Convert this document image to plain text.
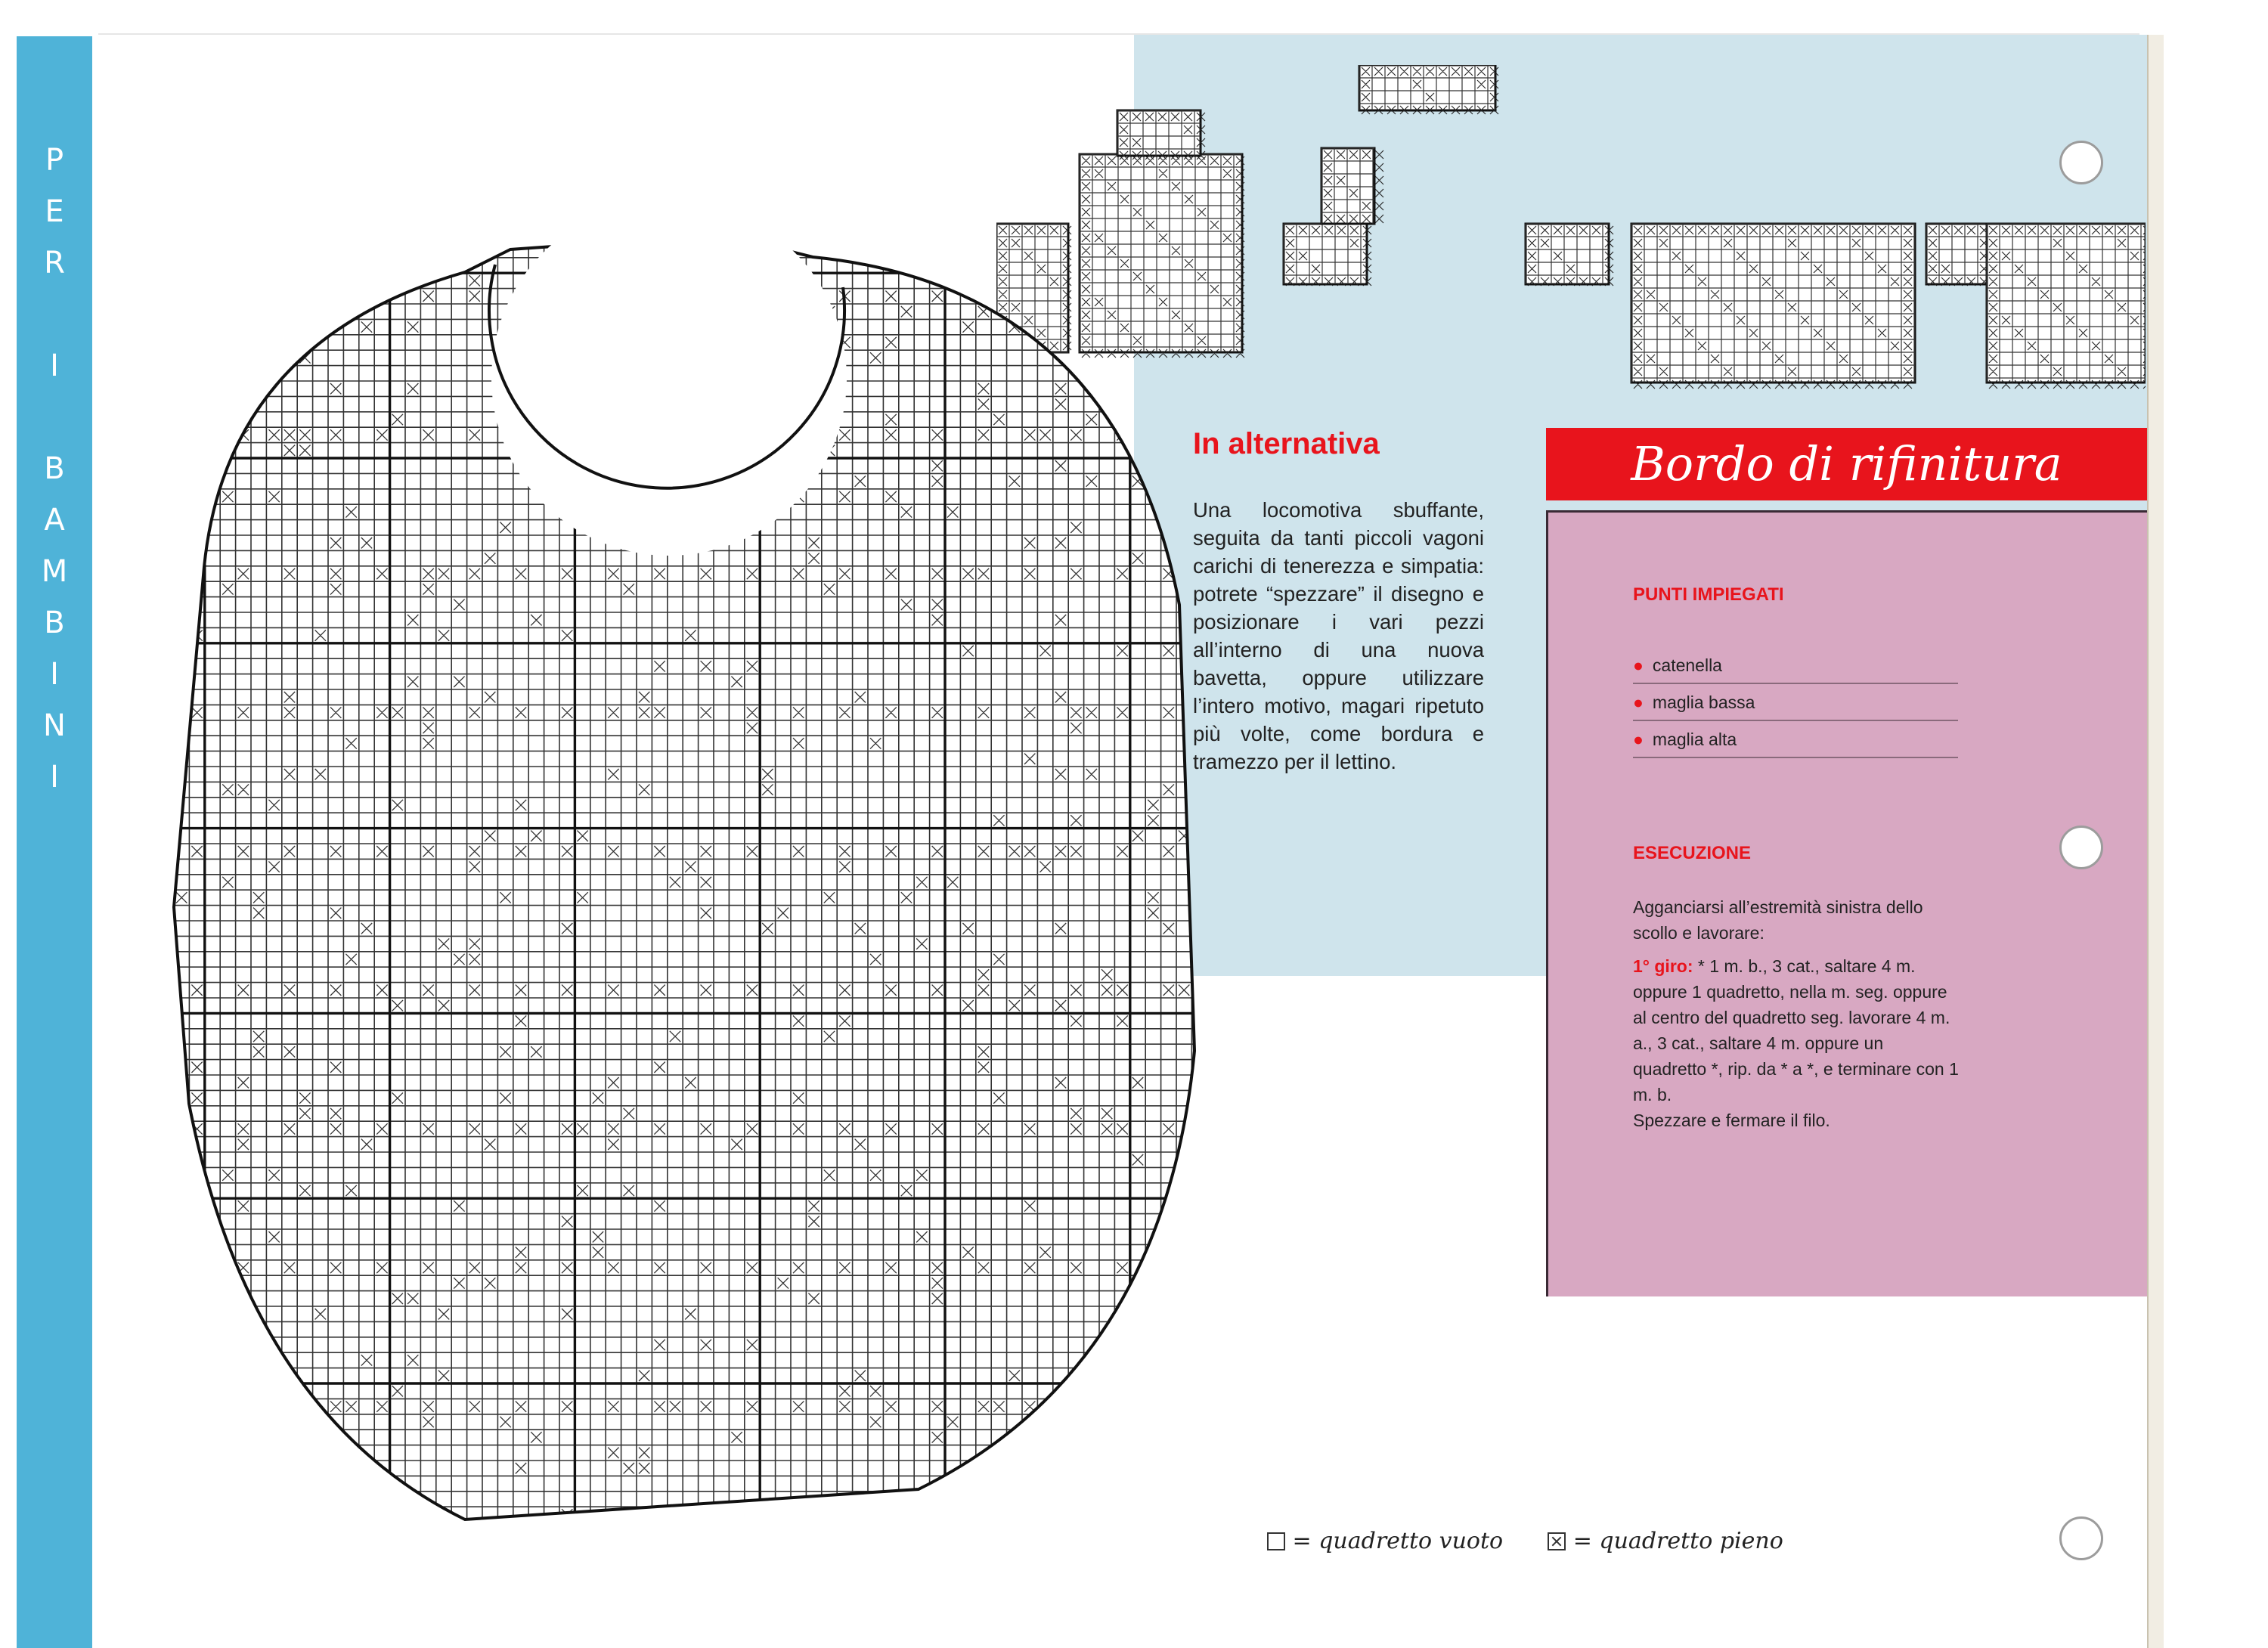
P
E
R

I

B
A
M
B
I
N
I
In alternativa
Una locomotiva sbuffante, seguita da tanti piccoli vagoni carichi di tenerezza e simpatia: potrete “spezzare” il disegno e posizionare i vari pezzi all’interno di una nuova bavetta, oppure utilizzare l’intero motivo, magari ripetuto più volte, come bordura e tramezzo per il lettino.
Bordo di rifinitura
PUNTI IMPIEGATI
● catenella
● maglia bassa
● maglia alta
ESECUZIONE

Agganciarsi all’estremità sinistra dello scollo e lavorare:

1° giro: * 1 m. b., 3 cat., saltare 4 m. oppure 1 quadretto, nella m. seg. oppure al centro del quadretto seg. lavorare 4 m. a., 3 cat., saltare 4 m. oppure un quadretto *, rip. da * a *, e terminare con 1 m. b.

Spezzare e fermare il filo.

= quadretto vuoto	= quadretto pieno
